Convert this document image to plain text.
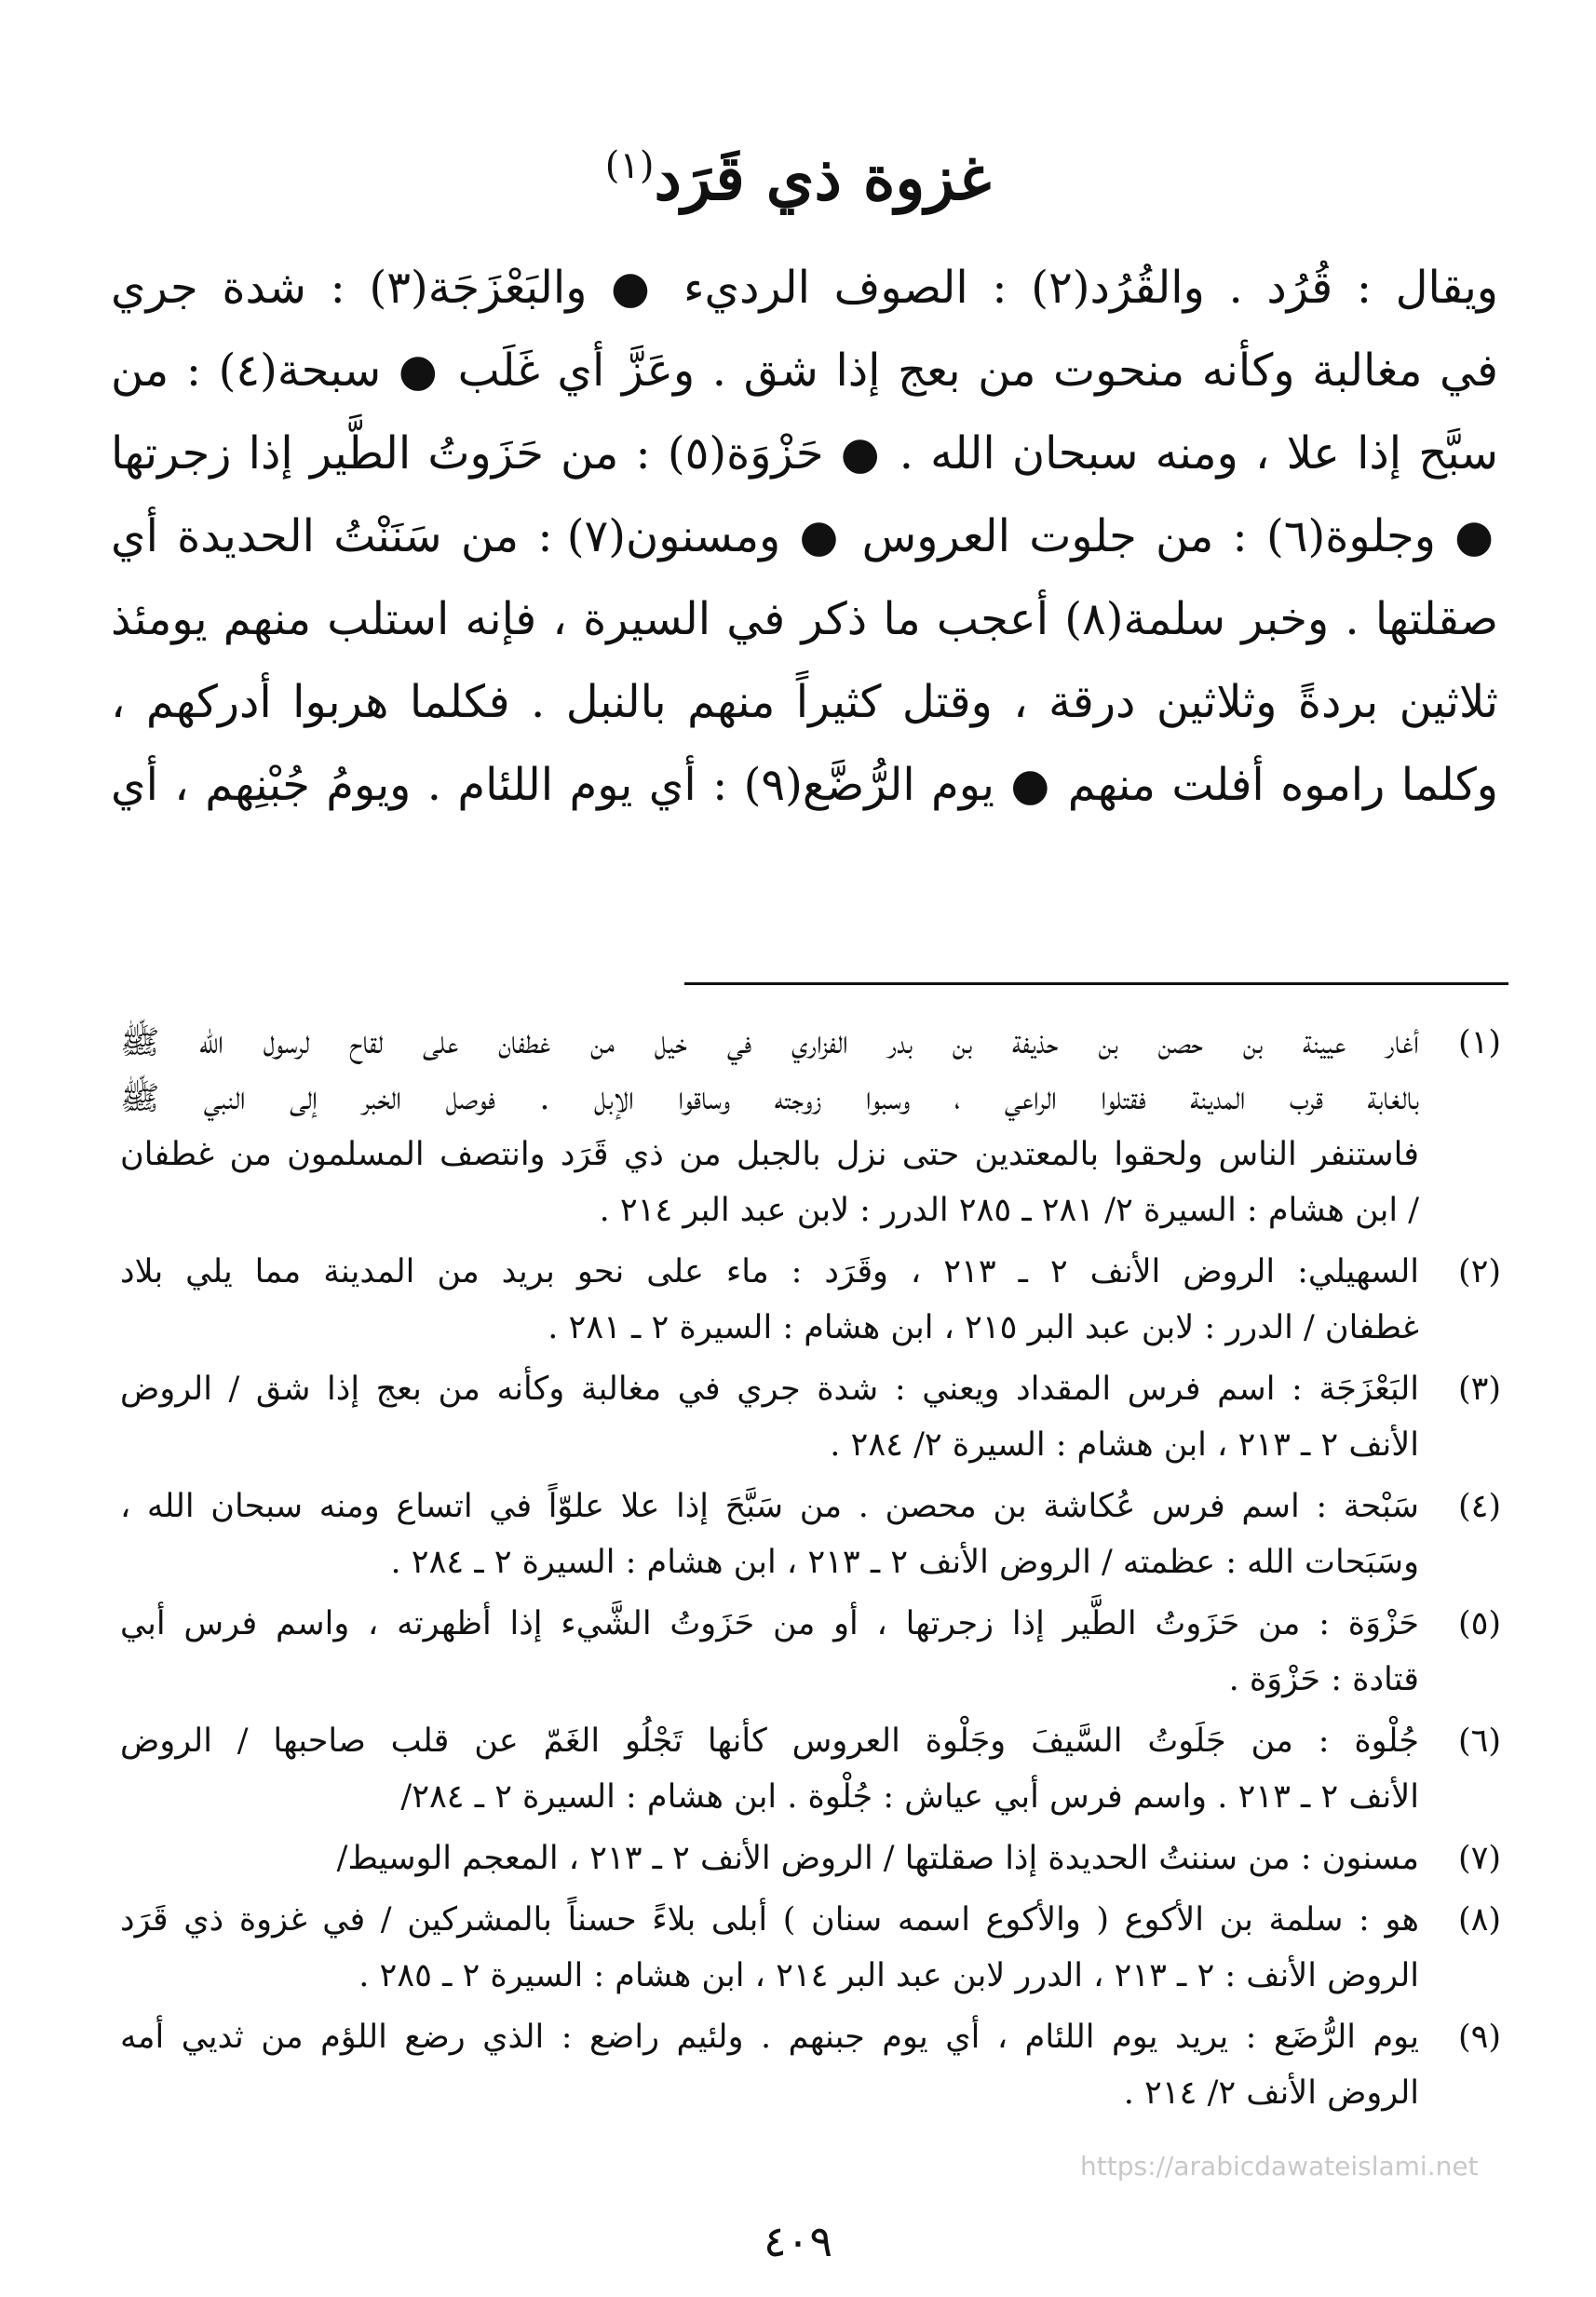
غزوة ذي قَرَد$^{(١)}$
ويقال : قُرُد . والقُرُد(٢) : الصوف الرديء ● والبَعْزَجَة(٣) : شدة جري
في مغالبة وكأنه منحوت من بعج إذا شق . وعَزَّ أي غَلَب ● سبحة(٤) : من
سبَّح إذا علا ، ومنه سبحان الله . ● حَزْوَة(٥) : من حَزَوتُ الطَّير إذا زجرتها
● وجلوة(٦) : من جلوت العروس ● ومسنون(٧) : من سَنَنْتُ الحديدة أي
صقلتها . وخبر سلمة(٨) أعجب ما ذكر في السيرة ، فإنه استلب منهم يومئذ
ثلاثين بردةً وثلاثين درقة ، وقتل كثيراً منهم بالنبل . فكلما هربوا أدركهم ،
وكلما راموه أفلت منهم ● يوم الرُّضَّع(٩) : أي يوم اللئام . ويومُ جُبْنِهم ، أي
(١)
أغار عيينة بن حصن بن حذيفة بن بدر الفزاري في خيل من غطفان على لقاح لرسول الله ﷺ
بالغابة قرب المدينة فقتلوا الراعي ، وسبوا زوجته وساقوا الإبل . فوصل الخبر إلى النبي ﷺ
فاستنفر الناس ولحقوا بالمعتدين حتى نزل بالجبل من ذي قَرَد وانتصف المسلمون من غطفان
/ ابن هشام : السيرة ٢/ ٢٨١ ـ ٢٨٥ الدرر : لابن عبد البر ٢١٤ .
(٢)
السهيلي: الروض الأنف ٢ ـ ٢١٣ ، وقَرَد : ماء على نحو بريد من المدينة مما يلي بلاد
غطفان / الدرر : لابن عبد البر ٢١٥ ، ابن هشام : السيرة ٢ ـ ٢٨١ .
(٣)
البَعْزَجَة : اسم فرس المقداد ويعني : شدة جري في مغالبة وكأنه من بعج إذا شق / الروض
الأنف ٢ ـ ٢١٣ ، ابن هشام : السيرة ٢/ ٢٨٤ .
(٤)
سَبْحة : اسم فرس عُكاشة بن محصن . من سَبَّحَ إذا علا علوّاً في اتساع ومنه سبحان الله ،
وسَبَحات الله : عظمته / الروض الأنف ٢ ـ ٢١٣ ، ابن هشام : السيرة ٢ ـ ٢٨٤ .
(٥)
حَزْوَة : من حَزَوتُ الطَّير إذا زجرتها ، أو من حَزَوتُ الشَّيء إذا أظهرته ، واسم فرس أبي
قتادة : حَزْوَة .
(٦)
جُلْوة : من جَلَوتُ السَّيفَ وجَلْوة العروس كأنها تَجْلُو الغَمّ عن قلب صاحبها / الروض
الأنف ٢ ـ ٢١٣ . واسم فرس أبي عياش : جُلْوة . ابن هشام : السيرة ٢ ـ ٢٨٤/
(٧)
مسنون : من سننتُ الحديدة إذا صقلتها / الروض الأنف ٢ ـ ٢١٣ ، المعجم الوسيط/
(٨)
هو : سلمة بن الأكوع ( والأكوع اسمه سنان ) أبلى بلاءً حسناً بالمشركين / في غزوة ذي قَرَد
الروض الأنف : ٢ ـ ٢١٣ ، الدرر لابن عبد البر ٢١٤ ، ابن هشام : السيرة ٢ ـ ٢٨٥ .
(٩)
يوم الرُّضَع : يريد يوم اللئام ، أي يوم جبنهم . ولئيم راضع : الذي رضع اللؤم من ثديي أمه
الروض الأنف ٢/ ٢١٤ .
https://arabicdawateislami.net
٤٠٩
